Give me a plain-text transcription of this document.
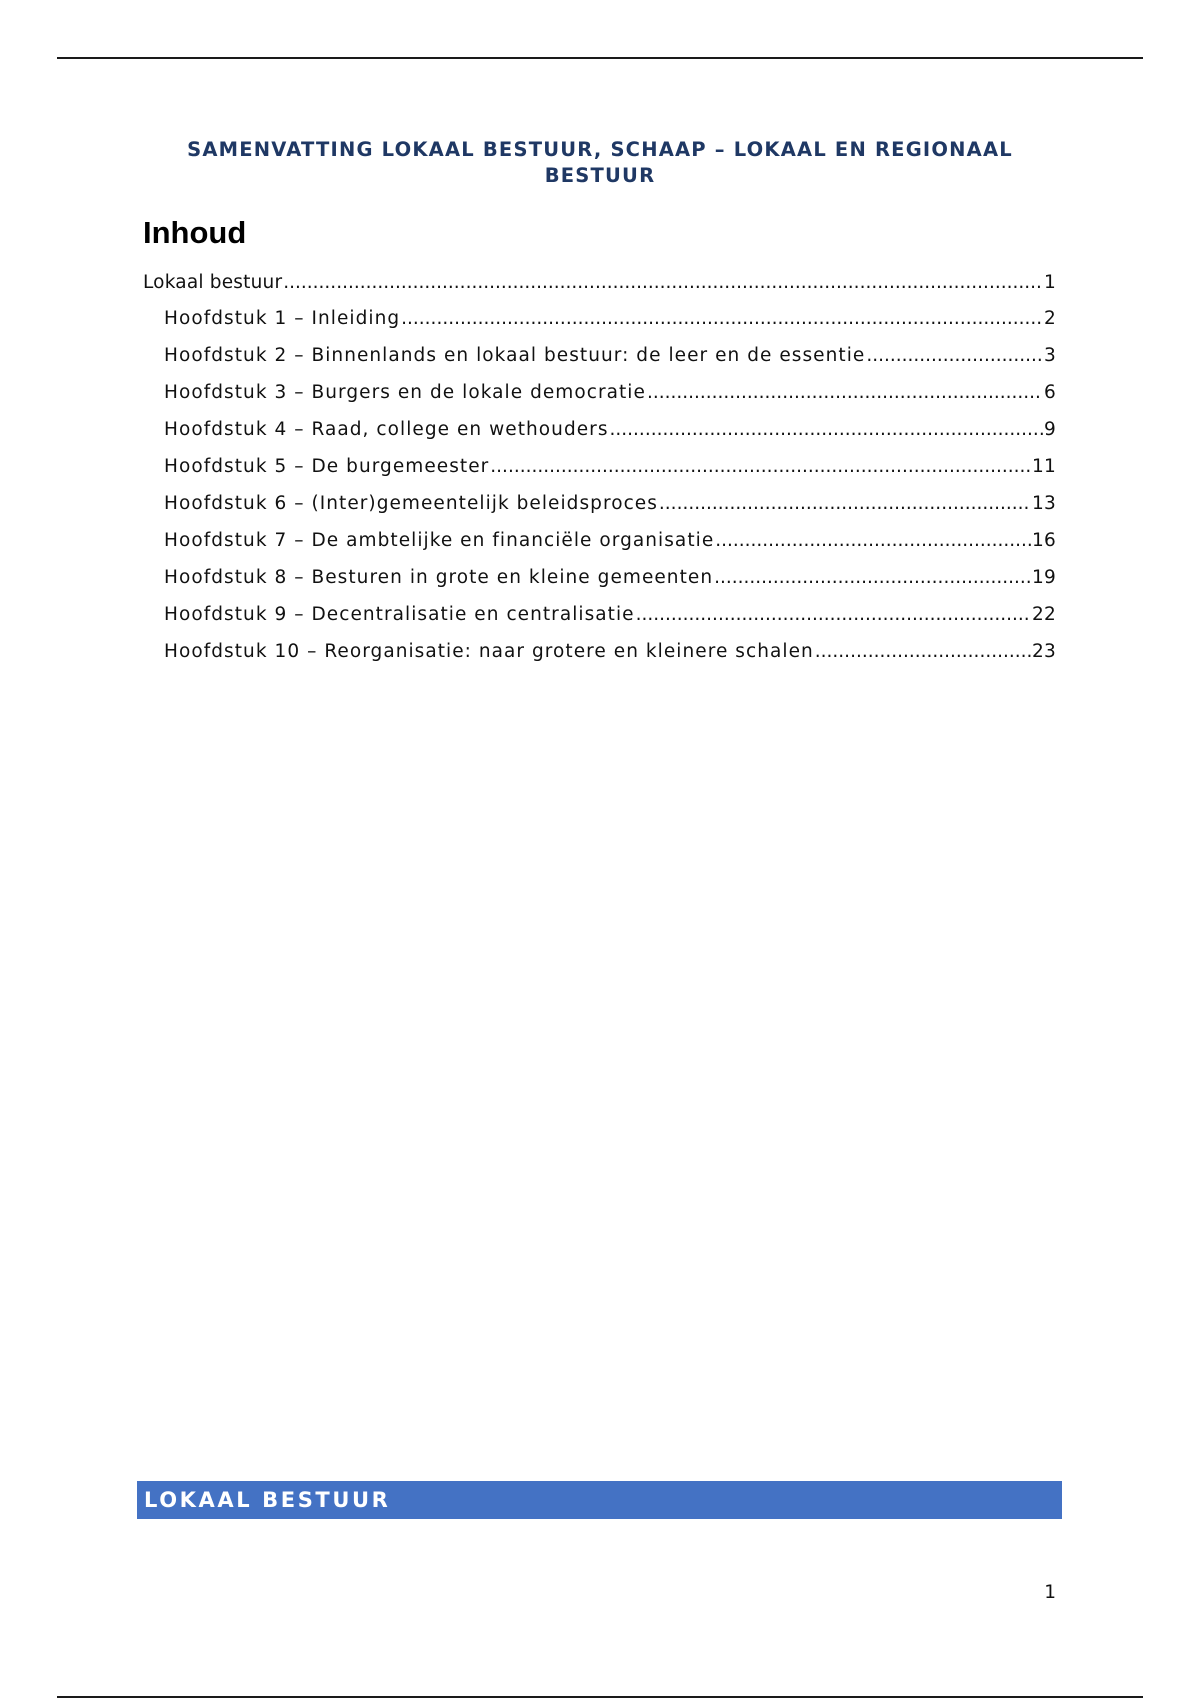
SAMENVATTING LOKAAL BESTUUR, SCHAAP – LOKAAL EN REGIONAAL BESTUUR
Inhoud
Lokaal bestuur .....	1
Hoofdstuk 1 – Inleiding .....	2
Hoofdstuk 2 – Binnenlands en lokaal bestuur: de leer en de essentie .....	3
Hoofdstuk 3 – Burgers en de lokale democratie .....	6
Hoofdstuk 4 – Raad, college en wethouders .....	9
Hoofdstuk 5 – De burgemeester .....	11
Hoofdstuk 6 – (Inter)gemeentelijk beleidsproces .....	13
Hoofdstuk 7 – De ambtelijke en financiële organisatie .....	16
Hoofdstuk 8 – Besturen in grote en kleine gemeenten .....	19
Hoofdstuk 9 – Decentralisatie en centralisatie .....	22
Hoofdstuk 10 – Reorganisatie: naar grotere en kleinere schalen .....	23
LOKAAL BESTUUR
1
